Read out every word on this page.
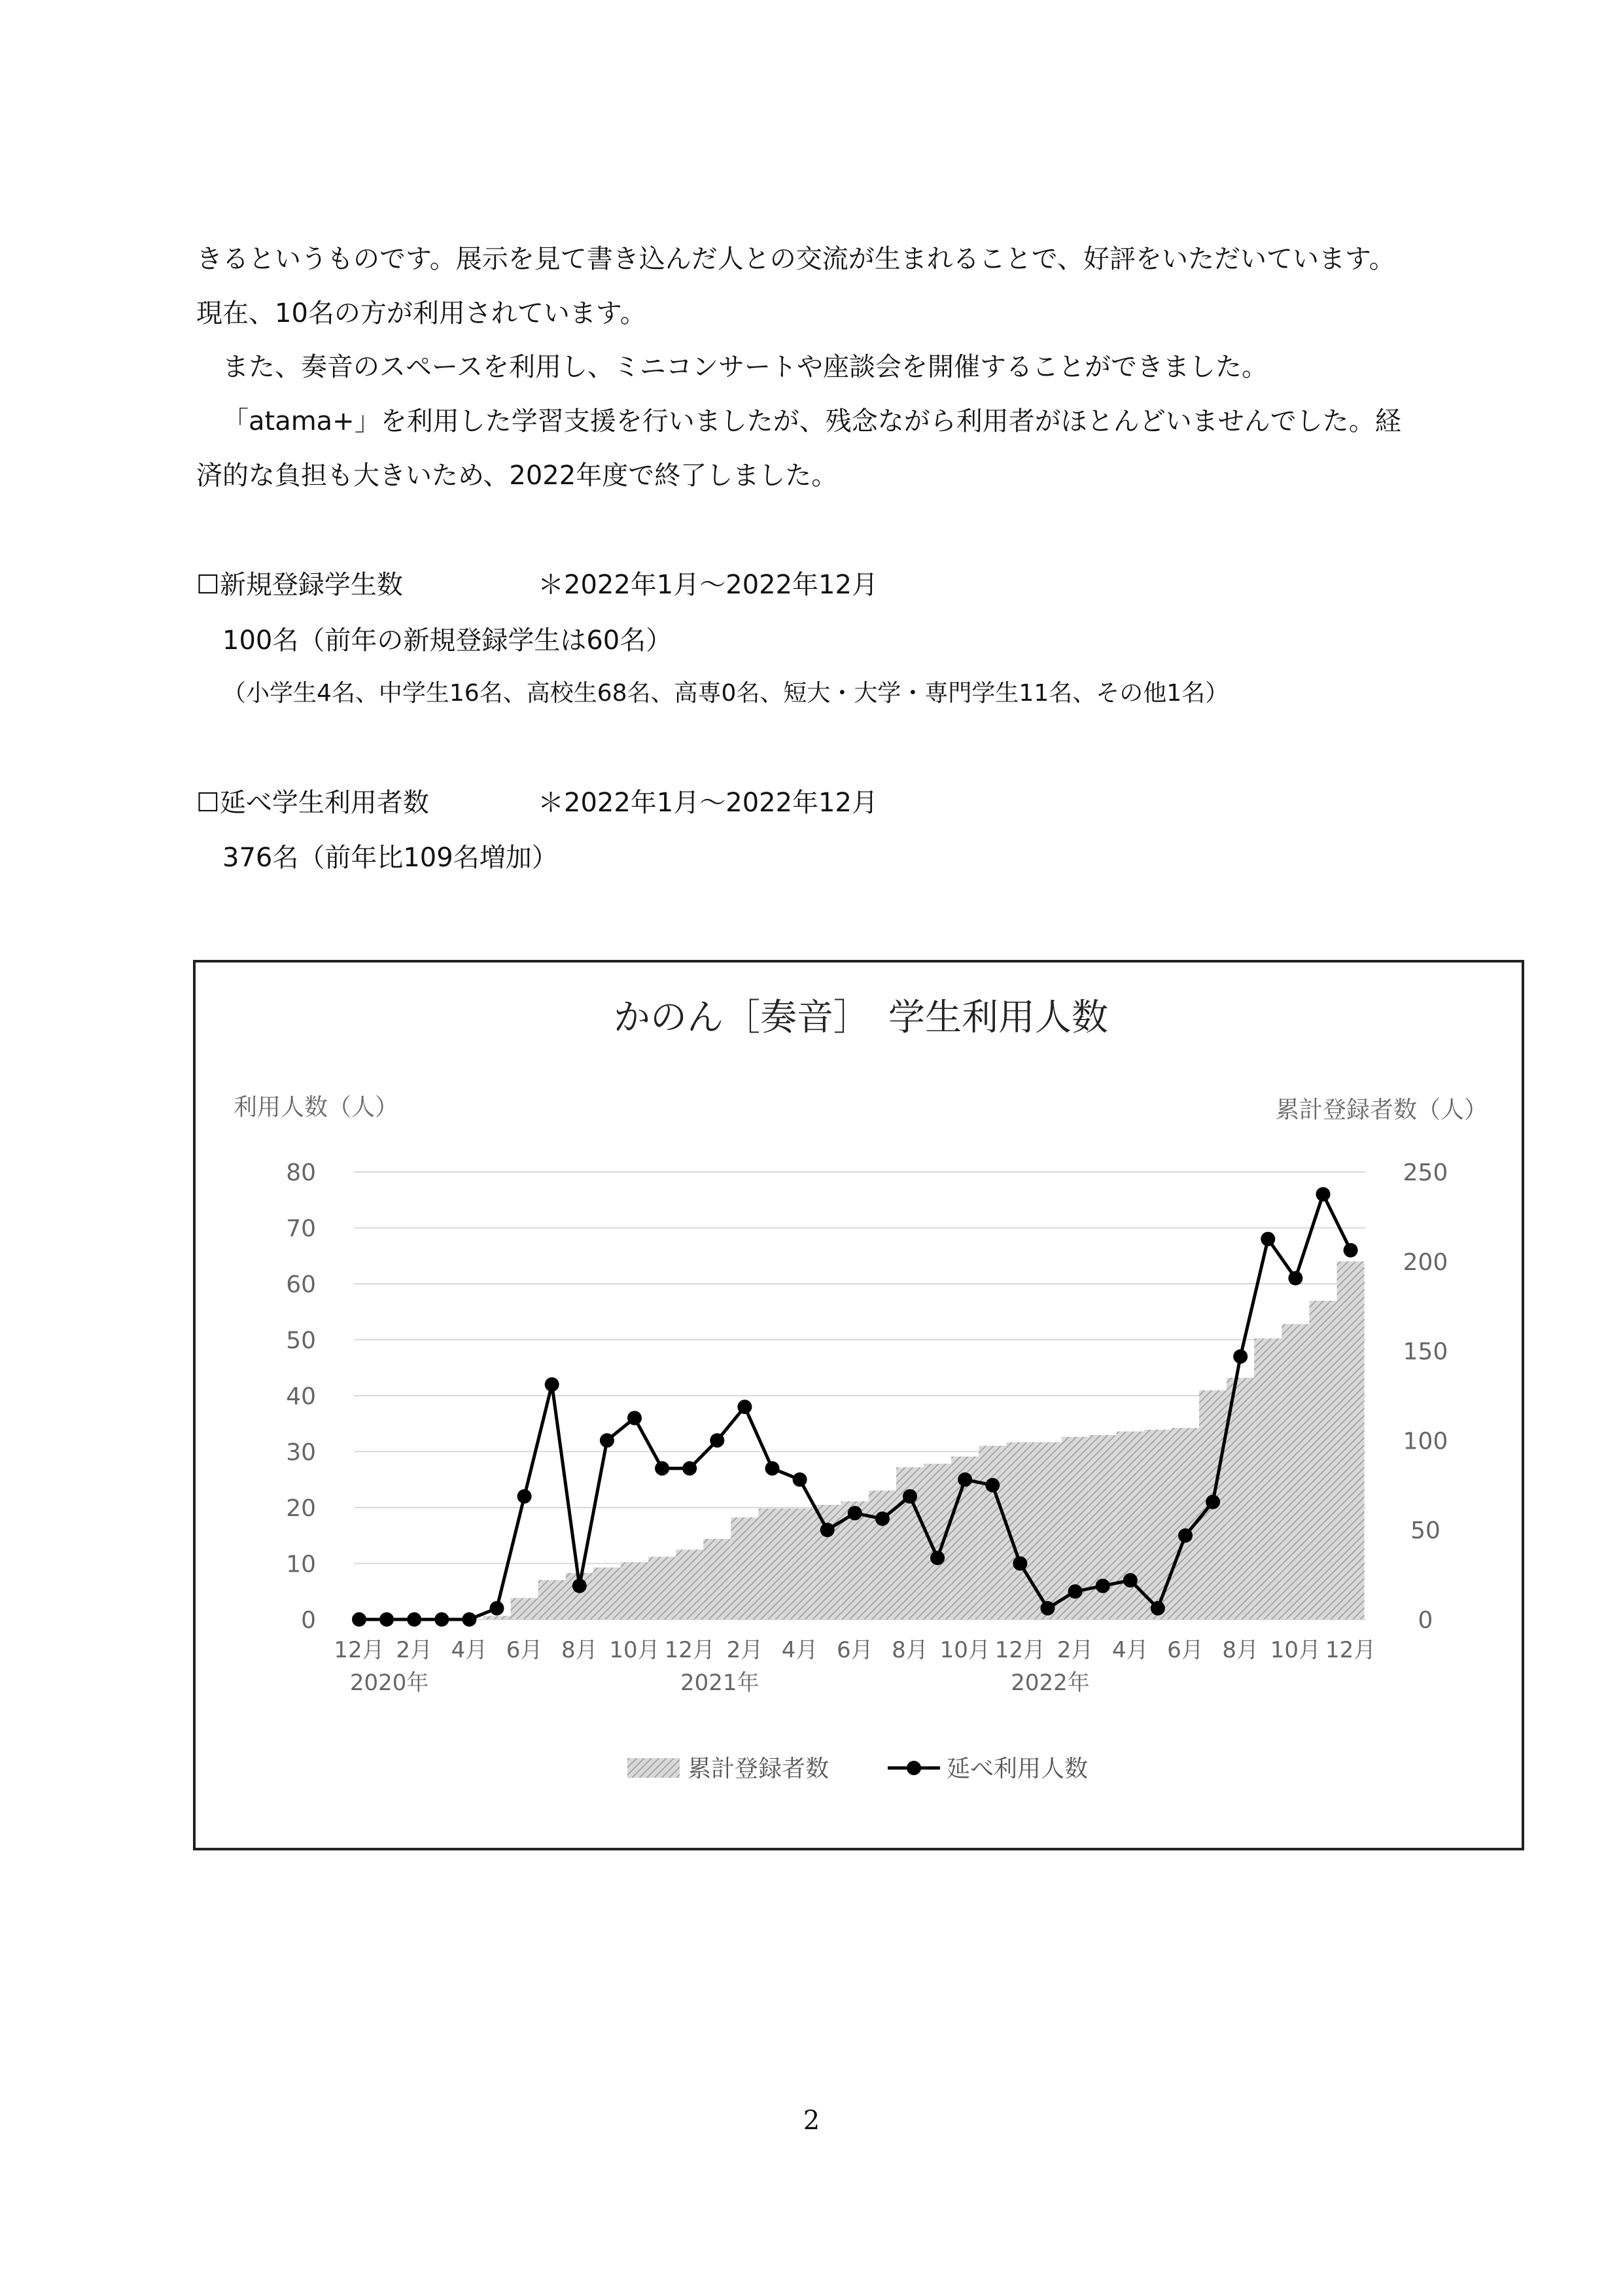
きるというものです。展示を見て書き込んだ人との交流が生まれることで、好評をいただいています。
現在、10名の方が利用されています。
また、奏音のスペースを利用し、ミニコンサートや座談会を開催することができました。
「atama+」を利用した学習支援を行いましたが、残念ながら利用者がほとんどいませんでした。経
済的な負担も大きいため、2022年度で終了しました。
☐新規登録学生数	＊2022年1月～2022年12月
100名（前年の新規登録学生は60名）
（小学生4名、中学生16名、高校生68名、高専0名、短大・大学・専門学生11名、その他1名）
☐延べ学生利用者数	＊2022年1月～2022年12月
376名（前年比109名増加）
かのん［奏音］　学生利用人数
利用人数（人）	累計登録者数（人）
0
10
20
30
40
50
60
70
80
0
50
100
150
200
250
12月 2月 4月 6月 8月 10月 12月 2月 4月 6月 8月 10月 12月 2月 4月 6月 8月 10月 12月
2020年	2021年	2022年
累計登録者数	延べ利用人数
2
